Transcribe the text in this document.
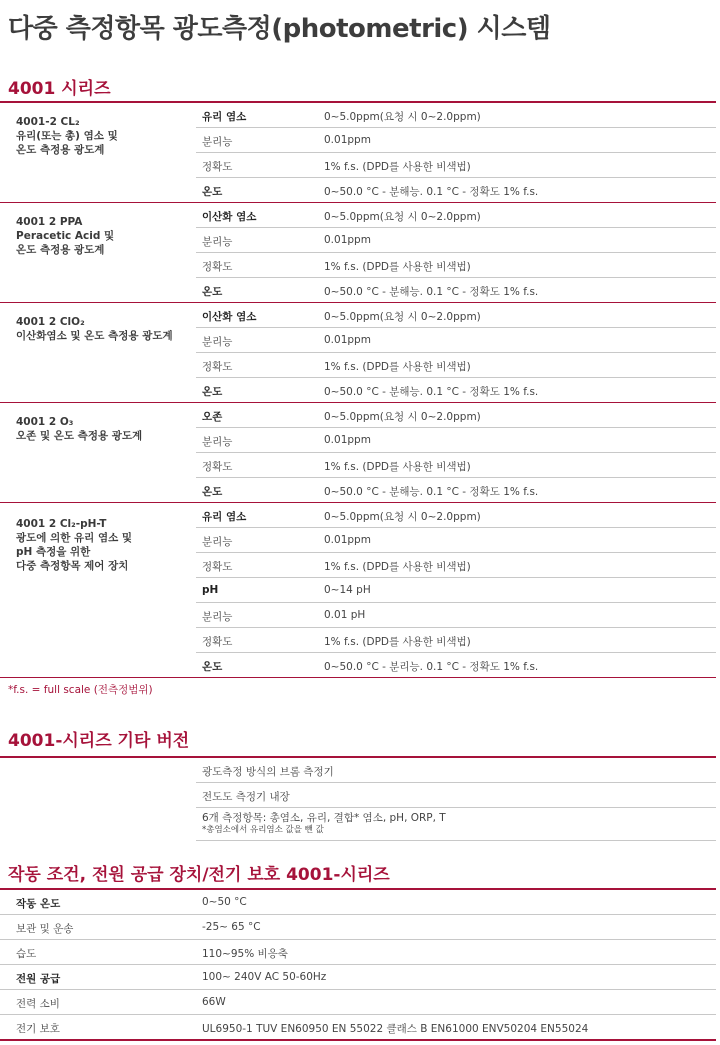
다중 측정항목 광도측정(photometric) 시스템
4001 시리즈
4001-2 CL₂
유리(또는 총) 염소 및
온도 측정용 광도계
유리 염소	0~5.0ppm(요청 시 0~2.0ppm)
분리능	0.01ppm
정확도	1% f.s. (DPD를 사용한 비색법)
온도	0~50.0 °C - 분해능. 0.1 °C - 정확도 1% f.s.
4001 2 PPA
Peracetic Acid 및
온도 측정용 광도계
이산화 염소	0~5.0ppm(요청 시 0~2.0ppm)
분리능	0.01ppm
정확도	1% f.s. (DPD를 사용한 비색법)
온도	0~50.0 °C - 분해능. 0.1 °C - 정확도 1% f.s.
4001 2 ClO₂
이산화염소 및 온도 측정용 광도계
이산화 염소	0~5.0ppm(요청 시 0~2.0ppm)
분리능	0.01ppm
정확도	1% f.s. (DPD를 사용한 비색법)
온도	0~50.0 °C - 분해능. 0.1 °C - 정확도 1% f.s.
4001 2 O₃
오존 및 온도 측정용 광도계
오존	0~5.0ppm(요청 시 0~2.0ppm)
분리능	0.01ppm
정확도	1% f.s. (DPD를 사용한 비색법)
온도	0~50.0 °C - 분해능. 0.1 °C - 정확도 1% f.s.
4001 2 Cl₂-pH-T
광도에 의한 유리 염소 및
pH 측정을 위한
다중 측정항목 제어 장치
유리 염소	0~5.0ppm(요청 시 0~2.0ppm)
분리능	0.01ppm
정확도	1% f.s. (DPD를 사용한 비색법)
pH	0~14 pH
분리능	0.01 pH
정확도	1% f.s. (DPD를 사용한 비색법)
온도	0~50.0 °C - 분리능. 0.1 °C - 정확도 1% f.s.
*f.s. = full scale (전측정범위)
4001-시리즈 기타 버전
광도측정 방식의 브롬 측정기
전도도 측정기 내장
6개 측정항목: 총염소, 유리, 결합* 염소, pH, ORP, T
*총염소에서 유리염소 값을 뺀 값
작동 조건, 전원 공급 장치/전기 보호 4001-시리즈
작동 온도	0~50 °C
보관 및 운송	-25~ 65 °C
습도	110~95% 비응축
전원 공급	100~ 240V AC 50-60Hz
전력 소비	66W
전기 보호	UL6950-1 TUV EN60950 EN 55022 클래스 B EN61000 ENV50204 EN55024
